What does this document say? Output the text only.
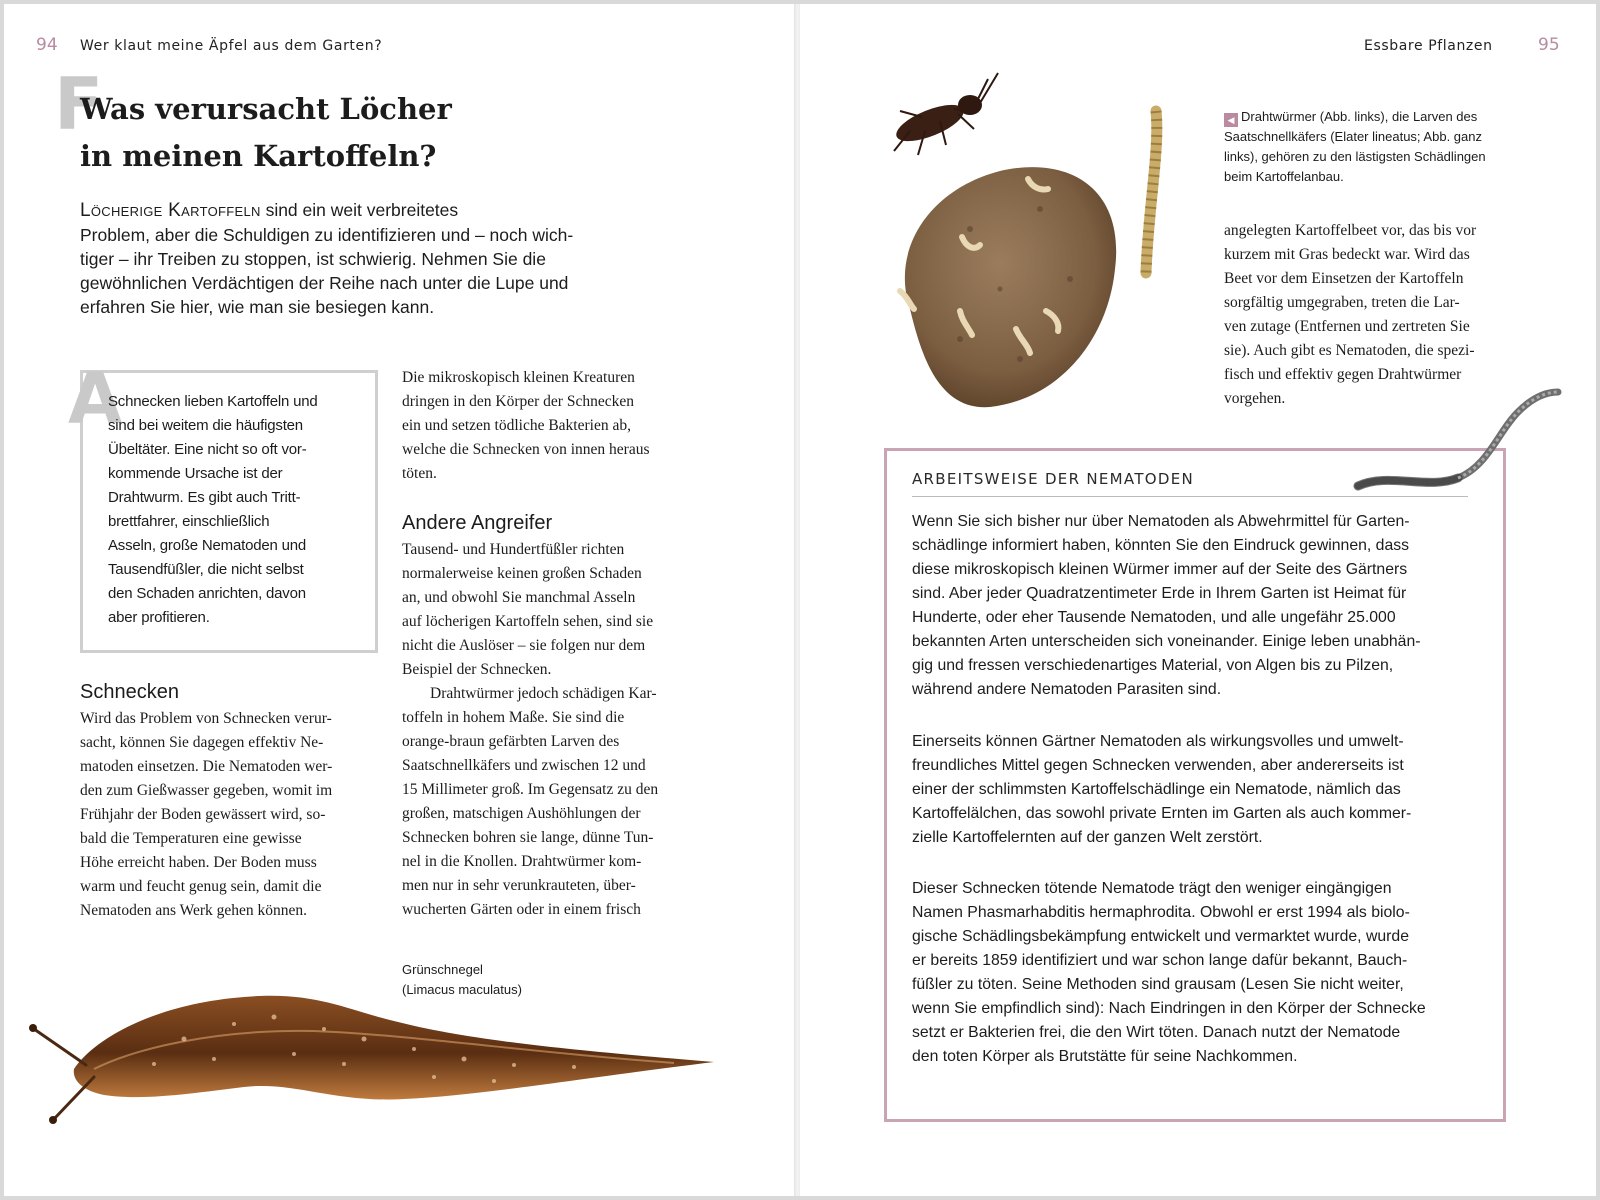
94 Wer klaut meine Äpfel aus dem Garten?
F
Was verursacht Löcher
in meinen Kartoffeln?
Löcherige Kartoffeln sind ein weit verbreitetes
Problem, aber die Schuldigen zu identifizieren und – noch wich-
tiger – ihr Treiben zu stoppen, ist schwierig. Nehmen Sie die
gewöhnlichen Verdächtigen der Reihe nach unter die Lupe und
erfahren Sie hier, wie man sie besiegen kann.
A
Schnecken lieben Kartoffeln und
sind bei weitem die häufigsten
Übeltäter. Eine nicht so oft vor-
kommende Ursache ist der
Drahtwurm. Es gibt auch Tritt-
brettfahrer, einschließlich
Asseln, große Nematoden und
Tausendfüßler, die nicht selbst
den Schaden anrichten, davon
aber profitieren.
Schnecken
Wird das Problem von Schnecken verur-
sacht, können Sie dagegen effektiv Ne-
matoden einsetzen. Die Nematoden wer-
den zum Gießwasser gegeben, womit im
Frühjahr der Boden gewässert wird, so-
bald die Temperaturen eine gewisse
Höhe erreicht haben. Der Boden muss
warm und feucht genug sein, damit die
Nematoden ans Werk gehen können.
Die mikroskopisch kleinen Kreaturen
dringen in den Körper der Schnecken
ein und setzen tödliche Bakterien ab,
welche die Schnecken von innen heraus
töten.
Andere Angreifer
Tausend- und Hundertfüßler richten
normalerweise keinen großen Schaden
an, und obwohl Sie manchmal Asseln
auf löcherigen Kartoffeln sehen, sind sie
nicht die Auslöser – sie folgen nur dem
Beispiel der Schnecken.
Drahtwürmer jedoch schädigen Kar-
toffeln in hohem Maße. Sie sind die
orange-braun gefärbten Larven des
Saatschnellkäfers und zwischen 12 und
15 Millimeter groß. Im Gegensatz zu den
großen, matschigen Aushöhlungen der
Schnecken bohren sie lange, dünne Tun-
nel in die Knollen. Drahtwürmer kom-
men nur in sehr verunkrauteten, über-
wucherten Gärten oder in einem frisch
Grünschnegel
(Limacus maculatus)
Essbare Pflanzen	95
◀ Drahtwürmer (Abb. links), die Larven des
Saatschnellkäfers (Elater lineatus; Abb. ganz
links), gehören zu den lästigsten Schädlingen
beim Kartoffelanbau.
angelegten Kartoffelbeet vor, das bis vor
kurzem mit Gras bedeckt war. Wird das
Beet vor dem Einsetzen der Kartoffeln
sorgfältig umgegraben, treten die Lar-
ven zutage (Entfernen und zertreten Sie
sie). Auch gibt es Nematoden, die spezi-
fisch und effektiv gegen Drahtwürmer
vorgehen.
ARBEITSWEISE DER NEMATODEN

Wenn Sie sich bisher nur über Nematoden als Abwehrmittel für Garten-

schädlinge informiert haben, könnten Sie den Eindruck gewinnen, dass

diese mikroskopisch kleinen Würmer immer auf der Seite des Gärtners

sind. Aber jeder Quadratzentimeter Erde in Ihrem Garten ist Heimat für

Hunderte, oder eher Tausende Nematoden, und alle ungefähr 25.000

bekannten Arten unterscheiden sich voneinander. Einige leben unabhän-

gig und fressen verschiedenartiges Material, von Algen bis zu Pilzen,

während andere Nematoden Parasiten sind.

Einerseits können Gärtner Nematoden als wirkungsvolles und umwelt-

freundliches Mittel gegen Schnecken verwenden, aber andererseits ist

einer der schlimmsten Kartoffelschädlinge ein Nematode, nämlich das

Kartoffelälchen, das sowohl private Ernten im Garten als auch kommer-

zielle Kartoffelernten auf der ganzen Welt zerstört.

Dieser Schnecken tötende Nematode trägt den weniger eingängigen

Namen Phasmarhabditis hermaphrodita. Obwohl er erst 1994 als biolo-

gische Schädlingsbekämpfung entwickelt und vermarktet wurde, wurde

er bereits 1859 identifiziert und war schon lange dafür bekannt, Bauch-

füßler zu töten. Seine Methoden sind grausam (Lesen Sie nicht weiter,

wenn Sie empfindlich sind): Nach Eindringen in den Körper der Schnecke

setzt er Bakterien frei, die den Wirt töten. Danach nutzt der Nematode

den toten Körper als Brutstätte für seine Nachkommen.
